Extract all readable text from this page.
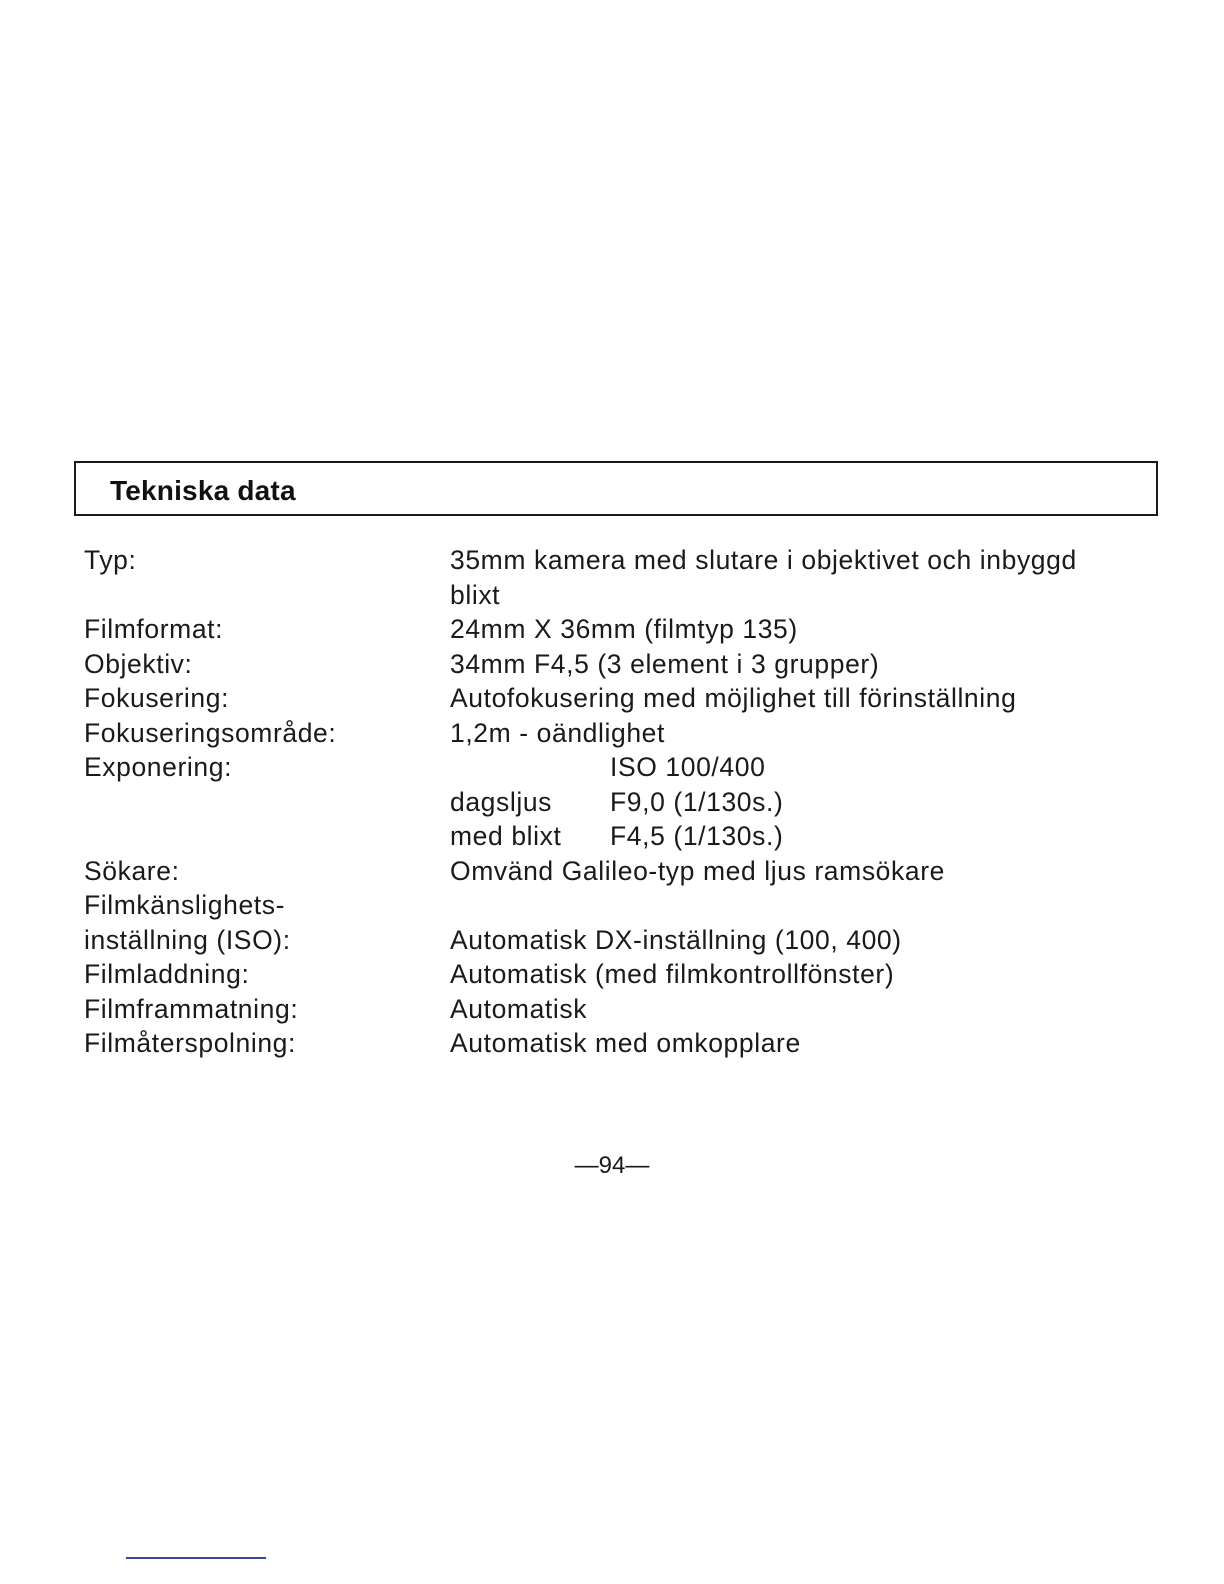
Tekniska data
Typ:	35mm kamera med slutare i objektivet och inbyggd
blixt
Filmformat:	24mm X 36mm (filmtyp 135)
Objektiv:	34mm F4,5 (3 element i 3 grupper)
Fokusering:	Autofokusering med möjlighet till förinställning
Fokuseringsområde:	1,2m - oändlighet
Exponering:	ISO 100/400
dagsljus	F9,0 (1/130s.)
med blixt	F4,5 (1/130s.)
Sökare:	Omvänd Galileo-typ med ljus ramsökare
Filmkänslighets-
inställning (ISO):
	Automatisk DX-inställning (100, 400)
Filmladdning:	Automatisk (med filmkontrollfönster)
Filmframmatning:	Automatisk
Filmåterspolning:	Automatisk med omkopplare
—94—
